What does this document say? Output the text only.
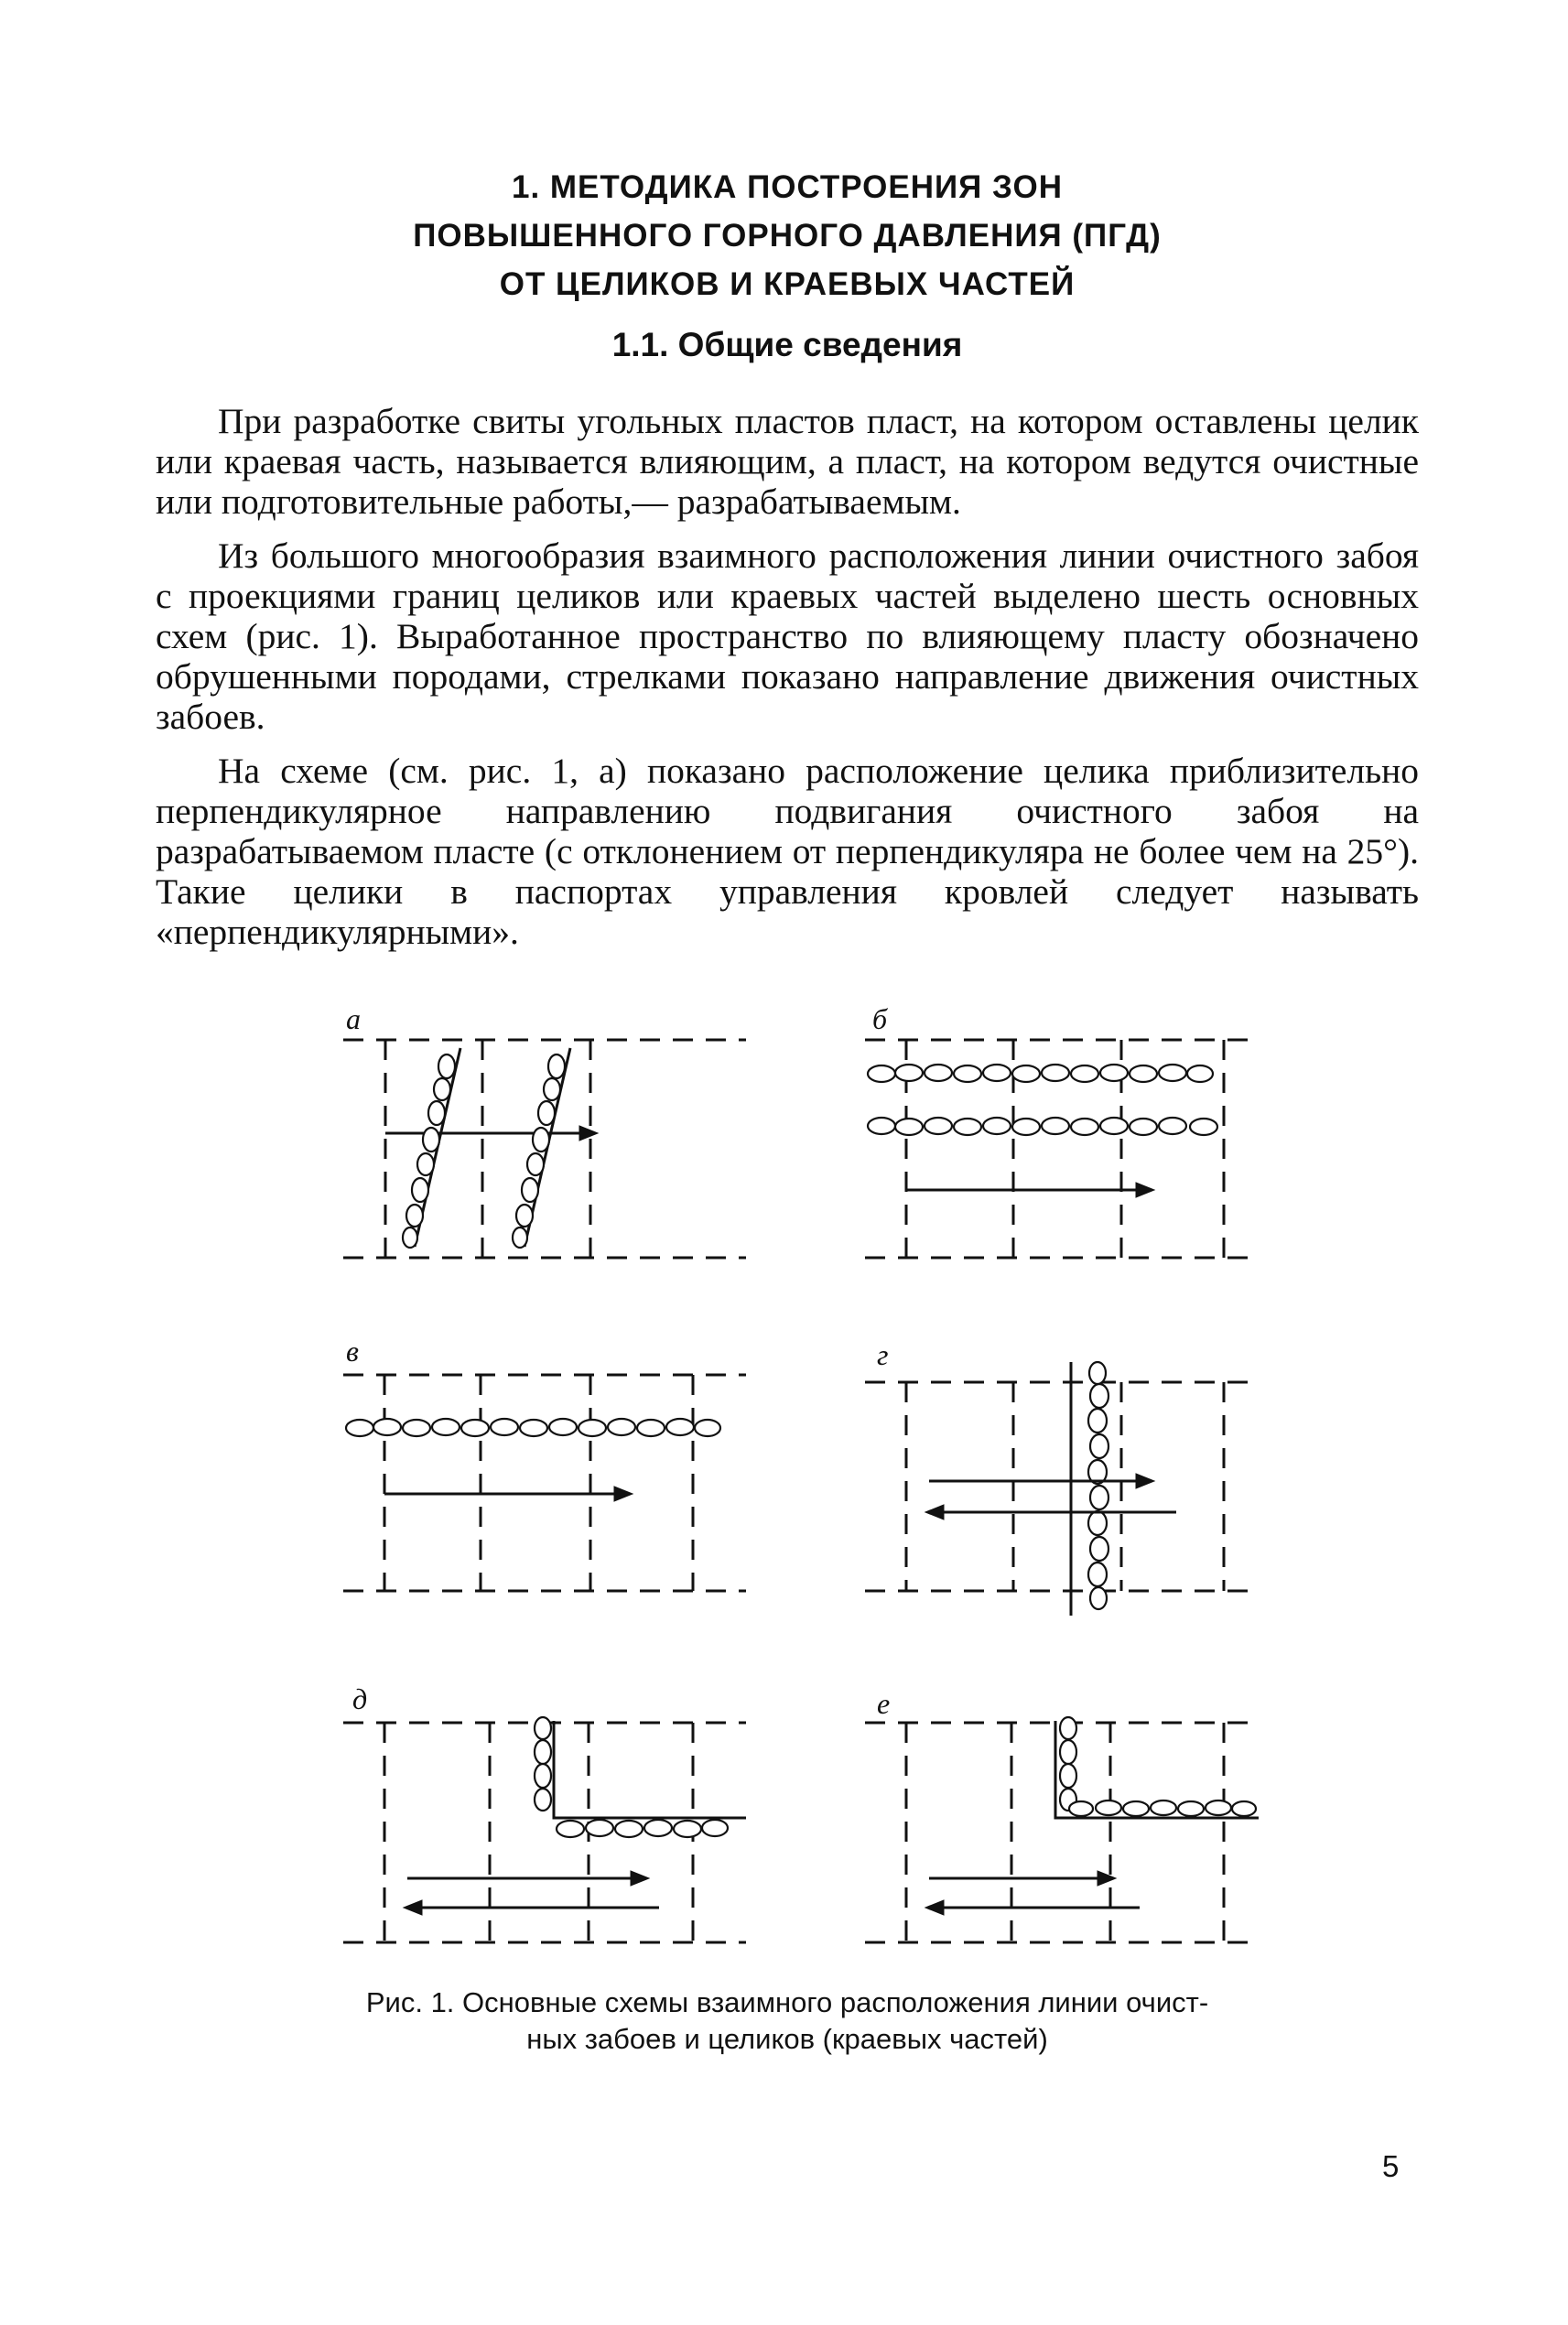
1. МЕТОДИКА ПОСТРОЕНИЯ ЗОН
ПОВЫШЕННОГО ГОРНОГО ДАВЛЕНИЯ (ПГД)
ОТ ЦЕЛИКОВ И КРАЕВЫХ ЧАСТЕЙ
1.1. Общие сведения

При разработке свиты угольных пластов пласт, на котором оставлены целик или краевая часть, называется влияющим, а пласт, на котором ведутся очистные или подготовительные работы,— разрабатываемым.

Из большого многообразия взаимного расположения линии очистного забоя с проекциями границ целиков или краевых частей выделено шесть основных схем (рис. 1). Выработанное пространство по влияющему пласту обозначено обрушенными породами, стрелками показано направление движения очистных забоев.

На схеме (см. рис. 1, а) показано расположение целика приблизительно перпендикулярное направлению подвигания очистного забоя на разрабатываемом пласте (с отклонением от перпендикуляра не более чем на 25°). Такие целики в паспортах управления кровлей следует называть «перпендикулярными».

а	б
в	г
д	е
Рис. 1. Основные схемы взаимного расположения линии очист-
ных забоев и целиков (краевых частей)
5
